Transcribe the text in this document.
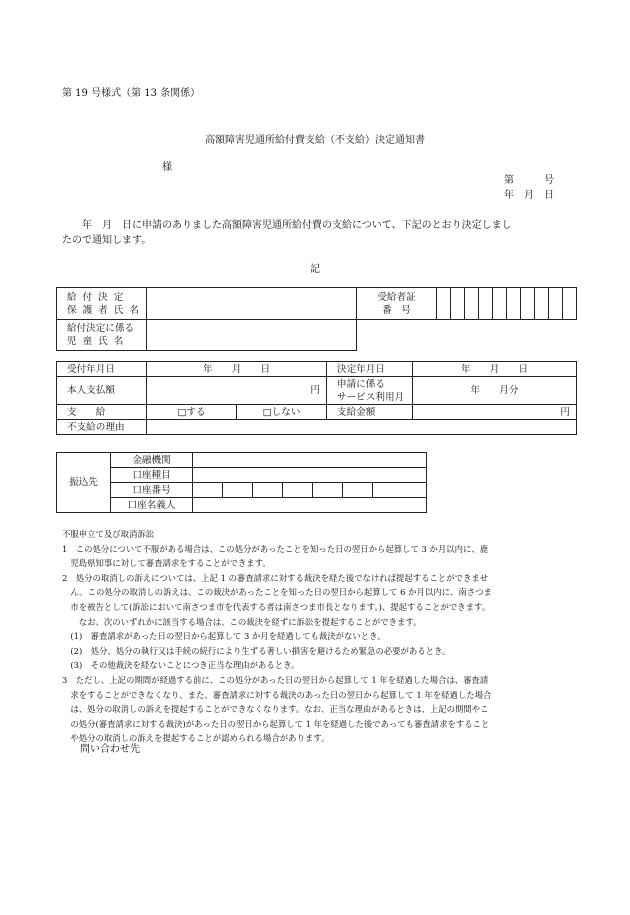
第 19 号様式（第 13 条関係）
高額障害児通所給付費支給（不支給）決定通知書
様
第　　　号
年　月　日
　　年　月　日に申請のありました高額障害児通所給付費の支給について、下記のとおり決定しまし
たので通知します。
記
給付決定
保護者氏名		受給者証
番　号										
給付決定に係る
児童氏名												
受付年月日	年　　月　　日		決定年月日	年　　月　　日
本人支払額	円		申請に係る
サービス利用月	年　　月分
支　　給	□する	□しない	支給金額	円
不支給の理由				
振込先	金融機関							
	口座種目							
	口座番号							
	口座名義人							
不服申立て及び取消訴訟
1　この処分について不服がある場合は、この処分があったことを知った日の翌日から起算して 3 か月以内に、鹿
　児島県知事に対して審査請求をすることができます。
2　処分の取消しの訴えについては、上記 1 の審査請求に対する裁決を経た後でなければ提起することができませ
　ん。この処分の取消しの訴えは、この裁決があったことを知った日の翌日から起算して 6 か月以内に、南さつま
　市を被告として(訴訟において南さつま市を代表する者は南さつま市長となります。)、提起することができます。
　　なお、次のいずれかに該当する場合は、この裁決を経ずに訴訟を提起することができます。
　(1)　審査請求があった日の翌日から起算して 3 か月を経過しても裁決がないとき。
　(2)　処分、処分の執行又は手続の続行により生ずる著しい損害を避けるため緊急の必要があるとき。
　(3)　その他裁決を経ないことにつき正当な理由があるとき。
3　ただし、上記の期間が経過する前に、この処分があった日の翌日から起算して 1 年を経過した場合は、審査請
　求をすることができなくなり、また、審査請求に対する裁決のあった日の翌日から起算して 1 年を経過した場合
　は、処分の取消しの訴えを提起することができなくなります。なお、正当な理由があるときは、上記の期間やこ
　の処分(審査請求に対する裁決)があった日の翌日から起算して 1 年を経過した後であっても審査請求をすること
　や処分の取消しの訴えを提起することが認められる場合があります。
問い合わせ先
